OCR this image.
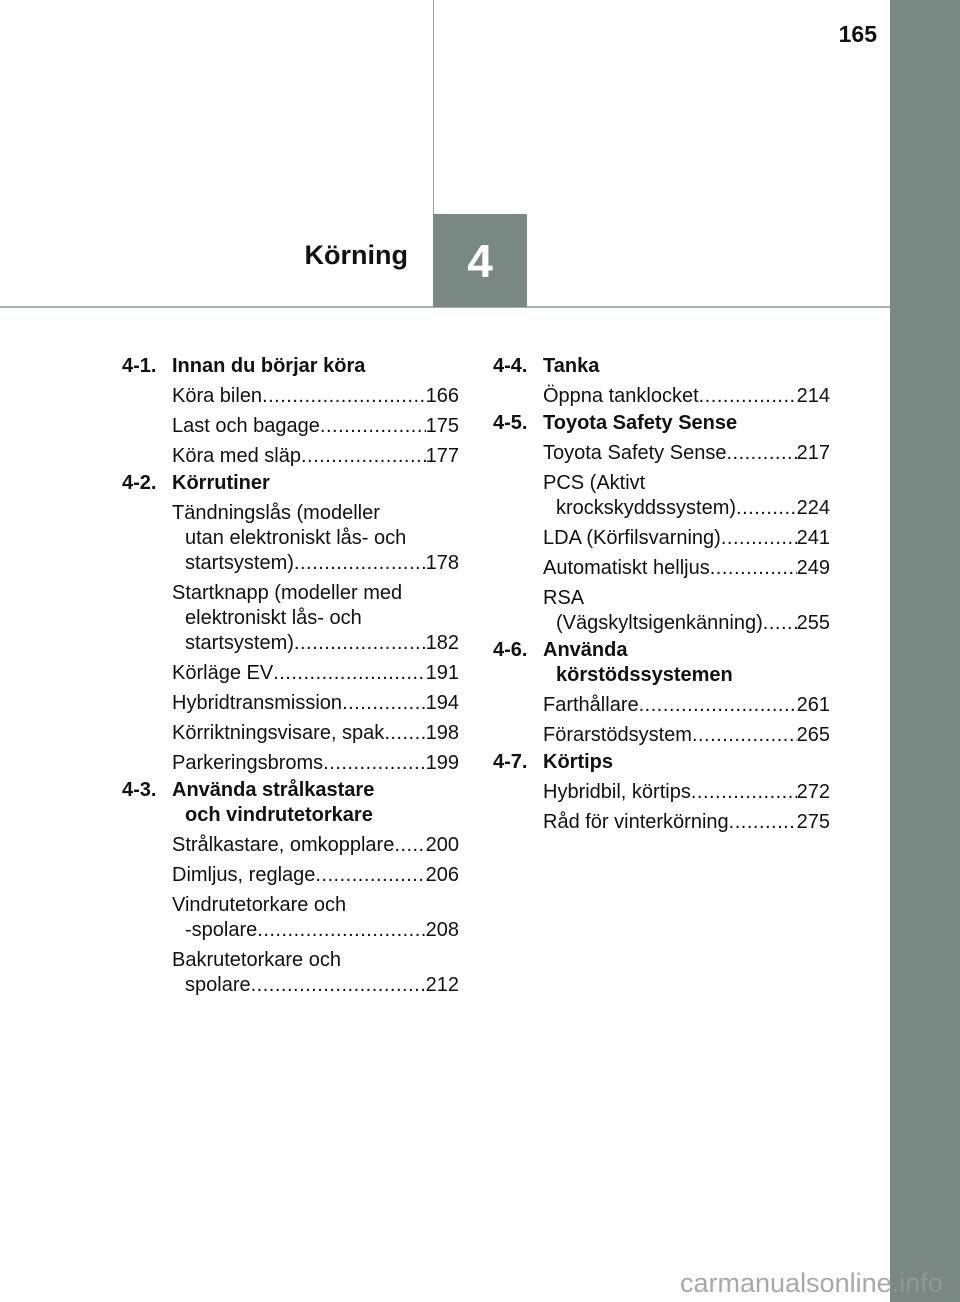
165
Körning	4
4-1. Innan du börjar köra
Köra bilen .....	166
Last och bagage .....	175
Köra med släp .....	177
4-2. Körrutiner
Tändningslås (modeller
utan elektroniskt lås- och
startsystem) .....	178
Startknapp (modeller med
elektroniskt lås- och
startsystem) .....	182
Körläge EV .....	191
Hybridtransmission .....	194
Körriktningsvisare, spak ..... 198
Parkeringsbroms .....	199
4-3. Använda strålkastare
och vindrutetorkare
Strålkastare, omkopplare ..... 200
Dimljus, reglage .....	206
Vindrutetorkare och
-spolare .....	208
Bakrutetorkare och
spolare .....	212
4-4. Tanka
Öppna tanklocket .....	214
4-5. Toyota Safety Sense
Toyota Safety Sense .....	217
PCS (Aktivt
krockskyddssystem) .....	224
LDA (Körfilsvarning) .....	241
Automatiskt helljus .....	249
RSA
(Vägskyltsigenkänning) ..... 255
4-6. Använda
körstödssystemen
Farthållare .....	261
Förarstödsystem .....	265
4-7. Körtips
Hybridbil, körtips .....	272
Råd för vinterkörning .....	275
carmanualsonline.info
